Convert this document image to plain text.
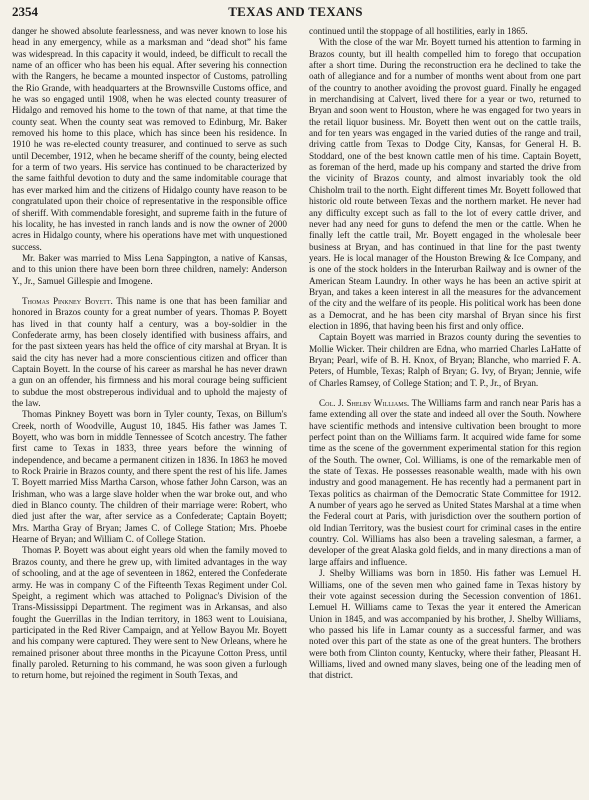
2354	TEXAS AND TEXANS

danger he showed absolute fearlessness, and was never known to lose his head in any emergency, while as a marksman and “dead shot” his fame was widespread. In this capacity it would, indeed, be difficult to recall the name of an officer who has been his equal. After severing his connection with the Rangers, he became a mounted inspector of Customs, patrolling the Rio Grande, with headquarters at the Brownsville Customs office, and he was so engaged until 1908, when he was elected county treasurer of Hidalgo and removed his home to the town of that name, at that time the county seat. When the county seat was removed to Edinburg, Mr. Baker removed his home to this place, which has since been his residence. In 1910 he was re-elected county treasurer, and continued to serve as such until December, 1912, when he became sheriff of the county, being elected for a term of two years. His service has continued to be characterized by the same faithful devotion to duty and the same indomitable courage that has ever marked him and the citizens of Hidalgo county have reason to be congratulated upon their choice of representative in the responsible office of sheriff. With commendable foresight, and supreme faith in the future of his locality, he has invested in ranch lands and is now the owner of 2000 acres in Hidalgo county, where his operations have met with unquestioned success.

Mr. Baker was married to Miss Lena Sappington, a native of Kansas, and to this union there have been born three children, namely: Anderson Y., Jr., Samuel Gillespie and Imogene.

Thomas Pinkney Boyett. This name is one that has been familiar and honored in Brazos county for a great number of years. Thomas P. Boyett has lived in that county half a century, was a boy-soldier in the Confederate army, has been closely identified with business affairs, and for the past sixteen years has held the office of city marshal at Bryan. It is said the city has never had a more conscientious citizen and officer than Captain Boyett. In the course of his career as marshal he has never drawn a gun on an offender, his firmness and his moral courage being sufficient to subdue the most obstreperous individual and to uphold the majesty of the law.

Thomas Pinkney Boyett was born in Tyler county, Texas, on Billum's Creek, north of Woodville, August 10, 1845. His father was James T. Boyett, who was born in middle Tennessee of Scotch ancestry. The father first came to Texas in 1833, three years before the winning of independence, and became a permanent citizen in 1836. In 1863 he moved to Rock Prairie in Brazos county, and there spent the rest of his life. James T. Boyett married Miss Martha Carson, whose father John Carson, was an Irishman, who was a large slave holder when the war broke out, and who died in Blanco county. The children of their marriage were: Robert, who died just after the war, after service as a Confederate; Captain Boyett; Mrs. Martha Gray of Bryan; James C. of College Station; Mrs. Phoebe Hearne of Bryan; and William C. of College Station.

Thomas P. Boyett was about eight years old when the family moved to Brazos county, and there he grew up, with limited advantages in the way of schooling, and at the age of seventeen in 1862, entered the Confederate army. He was in company C of the Fifteenth Texas Regiment under Col. Speight, a regiment which was attached to Polignac's Division of the Trans-Mississippi Department. The regiment was in Arkansas, and also fought the Guerrillas in the Indian territory, in 1863 went to Louisiana, participated in the Red River Campaign, and at Yellow Bayou Mr. Boyett and his company were captured. They were sent to New Orleans, where he remained prisoner about three months in the Picayune Cotton Press, until finally paroled. Returning to his command, he was soon given a furlough to return home, but rejoined the regiment in South Texas, and

continued until the stoppage of all hostilities, early in 1865.

With the close of the war Mr. Boyett turned his attention to farming in Brazos county, but ill health compelled him to forego that occupation after a short time. During the reconstruction era he declined to take the oath of allegiance and for a number of months went about from one part of the country to another avoiding the provost guard. Finally he engaged in merchandising at Calvert, lived there for a year or two, returned to Bryan and soon went to Houston, where he was engaged for two years in the retail liquor business. Mr. Boyett then went out on the cattle trails, and for ten years was engaged in the varied duties of the range and trail, driving cattle from Texas to Dodge City, Kansas, for General H. B. Stoddard, one of the best known cattle men of his time. Captain Boyett, as foreman of the herd, made up his company and started the drive from the vicinity of Brazos county, and almost invariably took the old Chisholm trail to the north. Eight different times Mr. Boyett followed that historic old route between Texas and the northern market. He never had any difficulty except such as fall to the lot of every cattle driver, and never had any need for guns to defend the men or the cattle. When he finally left the cattle trail, Mr. Boyett engaged in the wholesale beer business at Bryan, and has continued in that line for the past twenty years. He is local manager of the Houston Brewing & Ice Company, and is one of the stock holders in the Interurban Railway and is owner of the American Steam Laundry. In other ways he has been an active spirit at Bryan, and takes a keen interest in all the measures for the advancement of the city and the welfare of its people. His political work has been done as a Democrat, and he has been city marshal of Bryan since his first election in 1896, that having been his first and only office.

Captain Boyett was married in Brazos county during the seventies to Mollie Wicker. Their children are Edna, who married Charles LaHatte of Bryan; Pearl, wife of B. H. Knox, of Bryan; Blanche, who married F. A. Peters, of Humble, Texas; Ralph of Bryan; G. Ivy, of Bryan; Jennie, wife of Charles Ramsey, of College Station; and T. P., Jr., of Bryan.

Col. J. Shelby Williams. The Williams farm and ranch near Paris has a fame extending all over the state and indeed all over the South. Nowhere have scientific methods and intensive cultivation been brought to more perfect point than on the Williams farm. It acquired wide fame for some time as the scene of the government experimental station for this region of the South. The owner, Col. Williams, is one of the remarkable men of the state of Texas. He possesses reasonable wealth, made with his own industry and good management. He has recently had a permanent part in Texas politics as chairman of the Democratic State Committee for 1912. A number of years ago he served as United States Marshal at a time when the Federal court at Paris, with jurisdiction over the southern portion of old Indian Territory, was the busiest court for criminal cases in the entire country. Col. Williams has also been a traveling salesman, a farmer, a developer of the great Alaska gold fields, and in many directions a man of large affairs and influence.

J. Shelby Williams was born in 1850. His father was Lemuel H. Williams, one of the seven men who gained fame in Texas history by their vote against secession during the Secession convention of 1861. Lemuel H. Williams came to Texas the year it entered the American Union in 1845, and was accompanied by his brother, J. Shelby Williams, who passed his life in Lamar county as a successful farmer, and was noted over this part of the state as one of the great hunters. The brothers were both from Clinton county, Kentucky, where their father, Pleasant H. Williams, lived and owned many slaves, being one of the leading men of that district.
